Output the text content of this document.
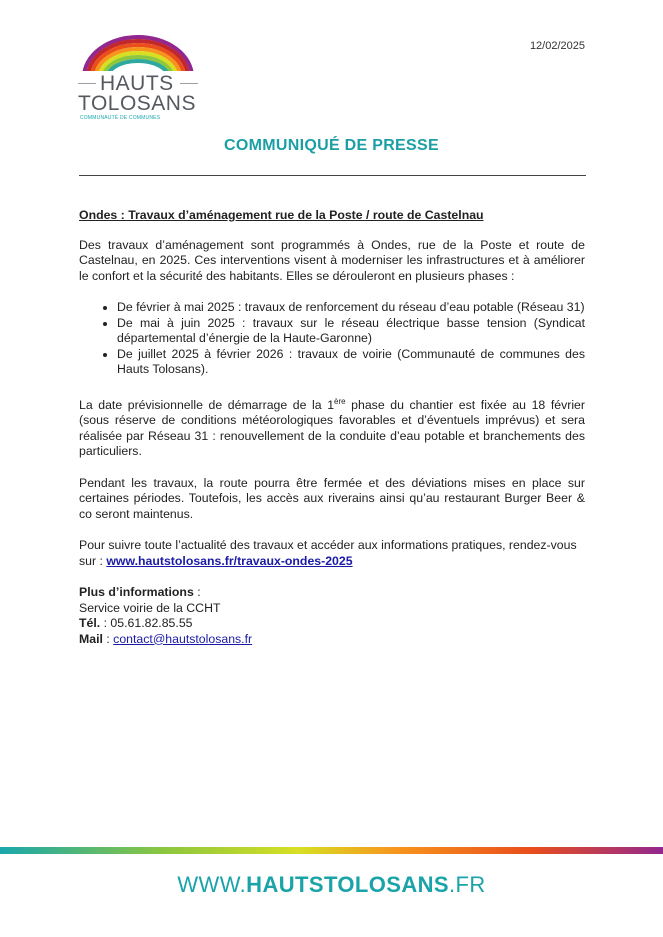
12/02/2025
HAUTS
TOLOSANS
COMMUNAUTÉ DE COMMUNES
COMMUNIQUÉ DE PRESSE

Ondes : Travaux d’aménagement rue de la Poste / route de Castelnau

Des travaux d’aménagement sont programmés à Ondes, rue de la Poste et route de Castelnau, en 2025. Ces interventions visent à moderniser les infrastructures et à améliorer le confort et la sécurité des habitants. Elles se dérouleront en plusieurs phases :

• De février à mai 2025 : travaux de renforcement du réseau d’eau potable (Réseau 31)
• De mai à juin 2025 : travaux sur le réseau électrique basse tension (Syndicat départemental d’énergie de la Haute-Garonne)
• De juillet 2025 à février 2026 : travaux de voirie (Communauté de communes des Hauts Tolosans).

La date prévisionnelle de démarrage de la 1ère phase du chantier est fixée au 18 février (sous réserve de conditions météorologiques favorables et d’éventuels imprévus) et sera réalisée par Réseau 31 : renouvellement de la conduite d’eau potable et branchements des particuliers.

Pendant les travaux, la route pourra être fermée et des déviations mises en place sur certaines périodes. Toutefois, les accès aux riverains ainsi qu’au restaurant Burger Beer & co seront maintenus.

Pour suivre toute l’actualité des travaux et accéder aux informations pratiques, rendez-vous sur : www.hautstolosans.fr/travaux-ondes-2025

Plus d’informations :

Service voirie de la CCHT

Tél. : 05.61.82.85.55

Mail : contact@hautstolosans.fr

WWW.HAUTSTOLOSANS.FR
